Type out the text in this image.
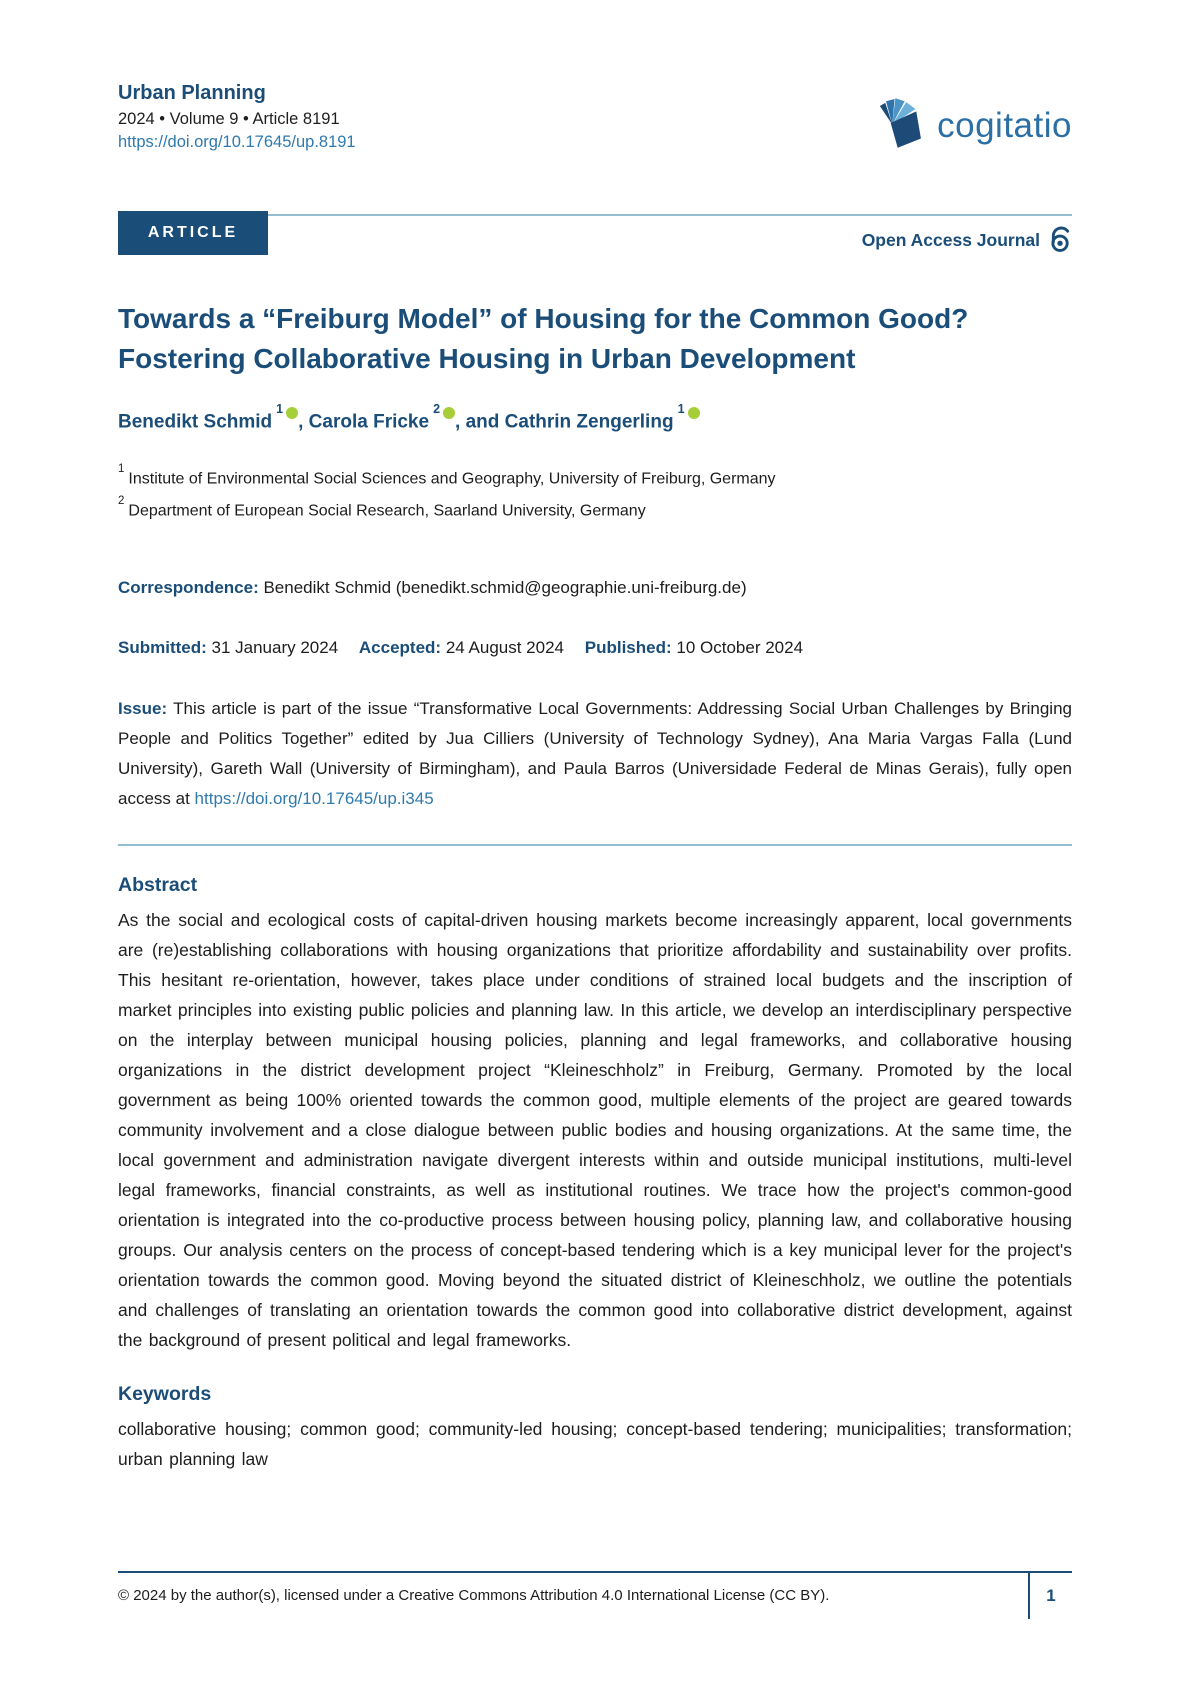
Urban Planning
2024 • Volume 9 • Article 8191
https://doi.org/10.17645/up.8191	cogitatio
ARTICLE	Open Access Journal
Towards a “Freiburg Model” of Housing for the Common Good?
Fostering Collaborative Housing in Urban Development

Benedikt Schmid$^1$, Carola Fricke$^2$, and Cathrin Zengerling$^1$

$^1$Institute of Environmental Social Sciences and Geography, University of Freiburg, Germany
$^2$Department of European Social Research, Saarland University, Germany

Correspondence: Benedikt Schmid (benedikt.schmid@geographie.uni-freiburg.de)

Submitted: 31 January 2024 Accepted: 24 August 2024 Published: 10 October 2024

Issue: This article is part of the issue “Transformative Local Governments: Addressing Social Urban Challenges by Bringing People and Politics Together” edited by Jua Cilliers (University of Technology Sydney), Ana Maria Vargas Falla (Lund University), Gareth Wall (University of Birmingham), and Paula Barros (Universidade Federal de Minas Gerais), fully open access at https://doi.org/10.17645/up.i345

Abstract

As the social and ecological costs of capital-driven housing markets become increasingly apparent, local governments are (re)establishing collaborations with housing organizations that prioritize affordability and sustainability over profits. This hesitant re-orientation, however, takes place under conditions of strained local budgets and the inscription of market principles into existing public policies and planning law. In this article, we develop an interdisciplinary perspective on the interplay between municipal housing policies, planning and legal frameworks, and collaborative housing organizations in the district development project “Kleineschholz” in Freiburg, Germany. Promoted by the local government as being 100% oriented towards the common good, multiple elements of the project are geared towards community involvement and a close dialogue between public bodies and housing organizations. At the same time, the local government and administration navigate divergent interests within and outside municipal institutions, multi-level legal frameworks, financial constraints, as well as institutional routines. We trace how the project's common-good orientation is integrated into the co-productive process between housing policy, planning law, and collaborative housing groups. Our analysis centers on the process of concept-based tendering which is a key municipal lever for the project's orientation towards the common good. Moving beyond the situated district of Kleineschholz, we outline the potentials and challenges of translating an orientation towards the common good into collaborative district development, against the background of present political and legal frameworks.

Keywords

collaborative housing; common good; community-led housing; concept-based tendering; municipalities; transformation; urban planning law

© 2024 by the author(s), licensed under a Creative Commons Attribution 4.0 International License (CC BY).	1
